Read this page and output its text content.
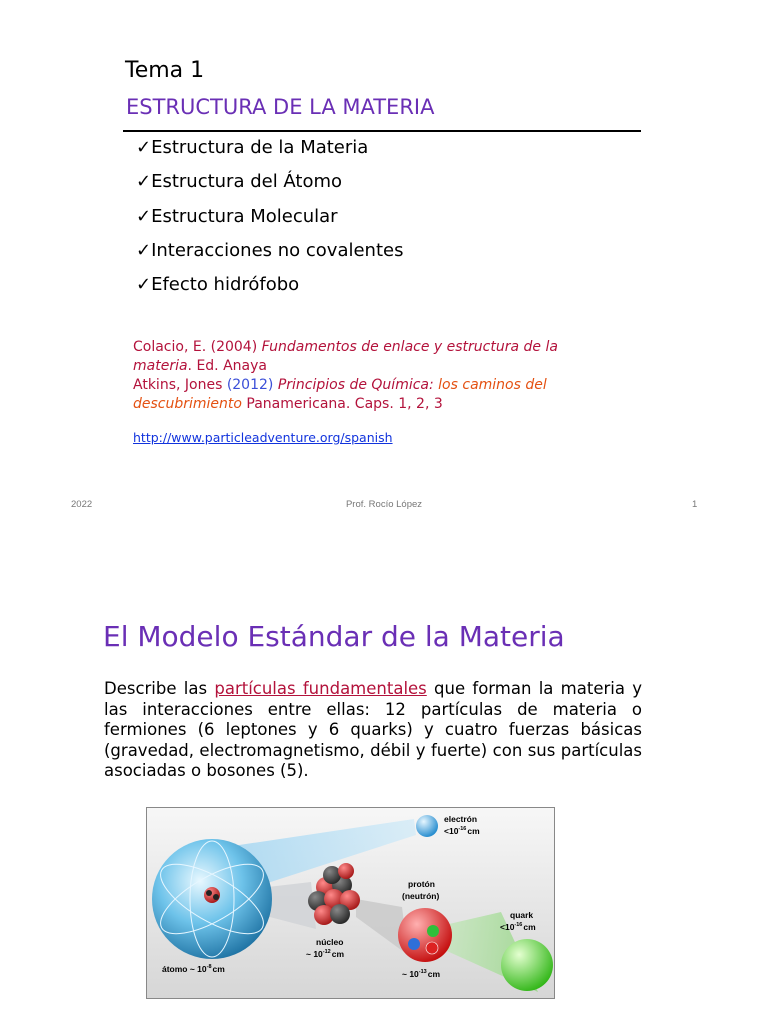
Tema 1
ESTRUCTURA DE LA MATERIA
✓Estructura de la Materia
✓Estructura del Átomo
✓Estructura Molecular
✓Interacciones no covalentes
✓Efecto hidrófobo
Colacio, E. (2004) Fundamentos de enlace y estructura de la materia. Ed. Anaya
Atkins, Jones (2012) Principios de Química: los caminos del descubrimiento Panamericana. Caps. 1, 2, 3
http://www.particleadventure.org/spanish
2022	Prof. Rocío López	1
El Modelo Estándar de la Materia
Describe las partículas fundamentales que forman la materia y las interacciones entre ellas: 12 partículas de materia o fermiones (6 leptones y 6 quarks) y cuatro fuerzas básicas (gravedad, electromagnetismo, débil y fuerte) con sus partículas asociadas o bosones (5).
electrón
$<10^{-16}cm$
núcleo
~ $10^{-12}cm$
protón
(neutrón)
~ $10^{-13}cm$
quark
$<10^{-16}cm$
átomo ~ $10^{-8}cm$
